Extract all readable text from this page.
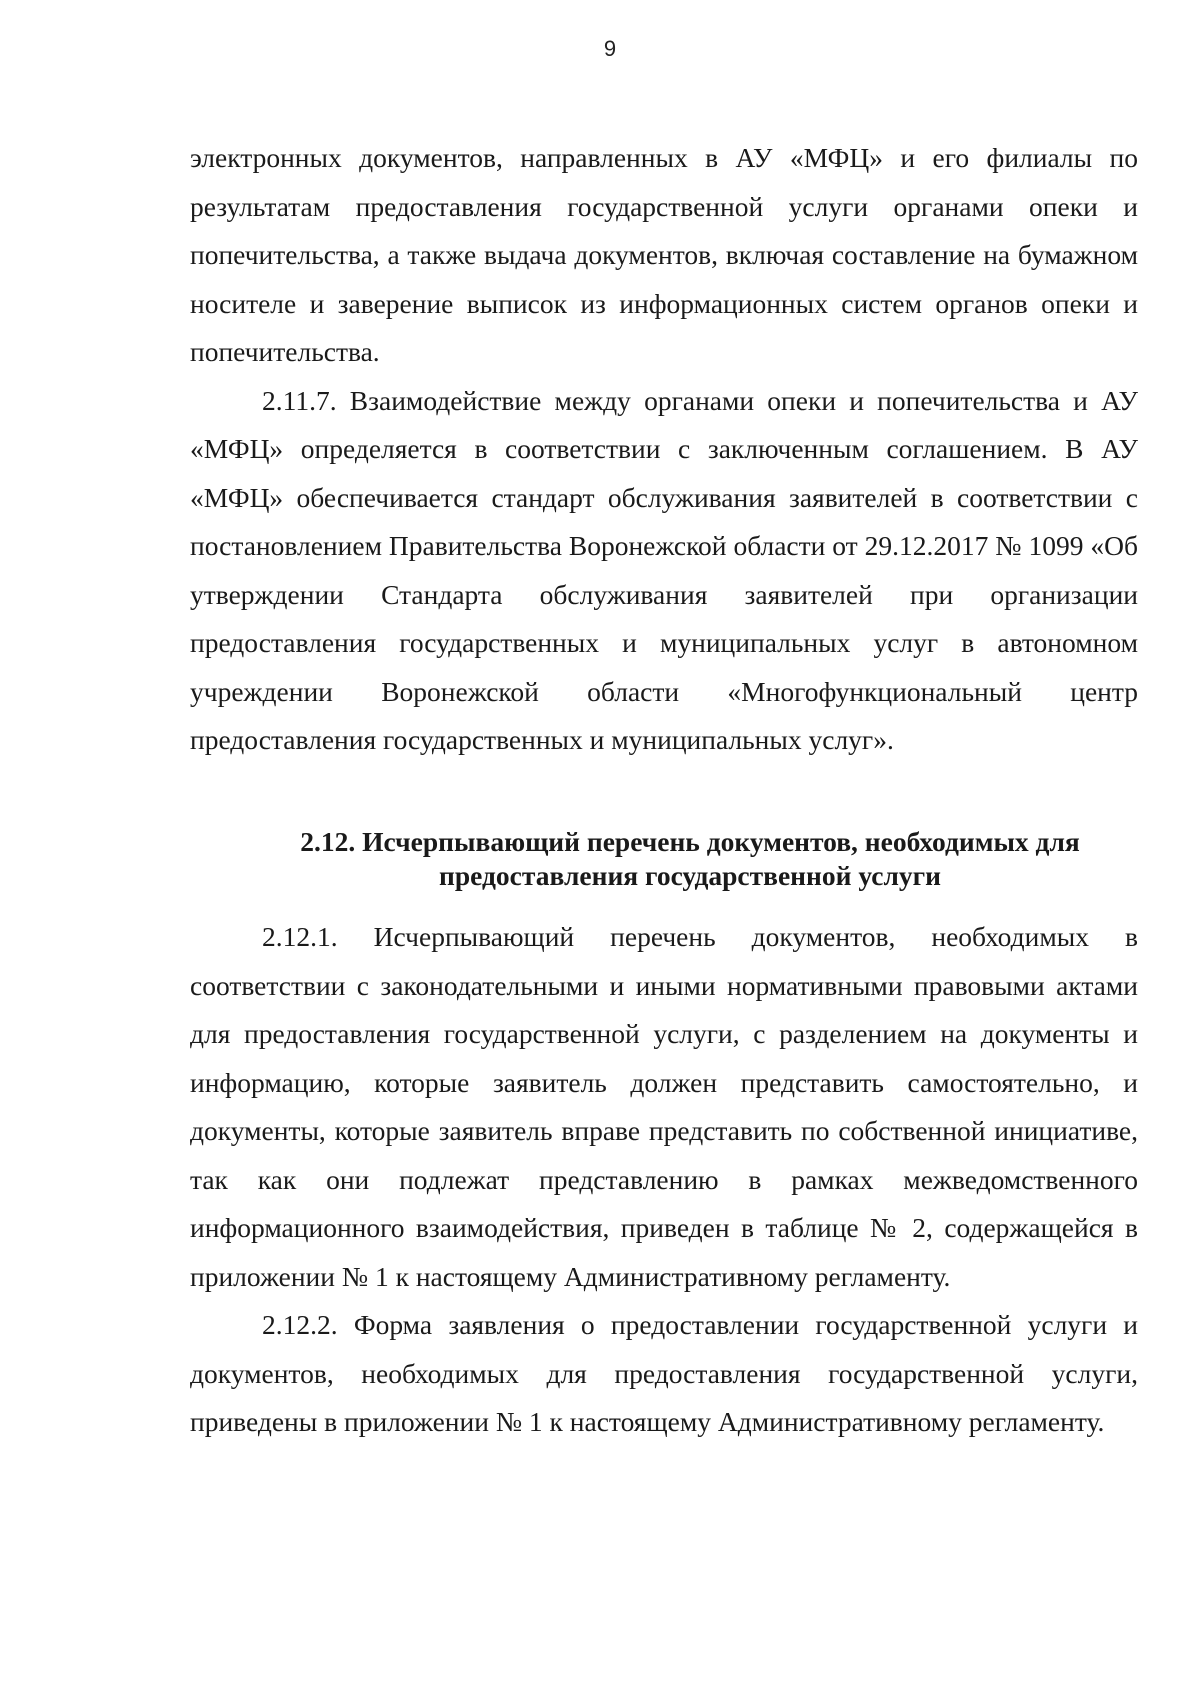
9

электронных документов, направленных в АУ «МФЦ» и его филиалы по результатам предоставления государственной услуги органами опеки и попечительства, а также выдача документов, включая составление на бумажном носителе и заверение выписок из информационных систем органов опеки и попечительства.

2.11.7. Взаимодействие между органами опеки и попечительства и АУ «МФЦ» определяется в соответствии с заключенным соглашением. В АУ «МФЦ» обеспечивается стандарт обслуживания заявителей в соответствии с постановлением Правительства Воронежской области от 29.12.2017 № 1099 «Об утверждении Стандарта обслуживания заявителей при организации предоставления государственных и муниципальных услуг в автономном учреждении Воронежской области «Многофункциональный центр предоставления государственных и муниципальных услуг».

2.12. Исчерпывающий перечень документов, необходимых для
предоставления государственной услуги

2.12.1. Исчерпывающий перечень документов, необходимых в соответствии с законодательными и иными нормативными правовыми актами для предоставления государственной услуги, с разделением на документы и информацию, которые заявитель должен представить самостоятельно, и документы, которые заявитель вправе представить по собственной инициативе, так как они подлежат представлению в рамках межведомственного информационного взаимодействия, приведен в таблице № 2, содержащейся в приложении № 1 к настоящему Административному регламенту.

2.12.2. Форма заявления о предоставлении государственной услуги и документов, необходимых для предоставления государственной услуги, приведены в приложении № 1 к настоящему Административному регламенту.
